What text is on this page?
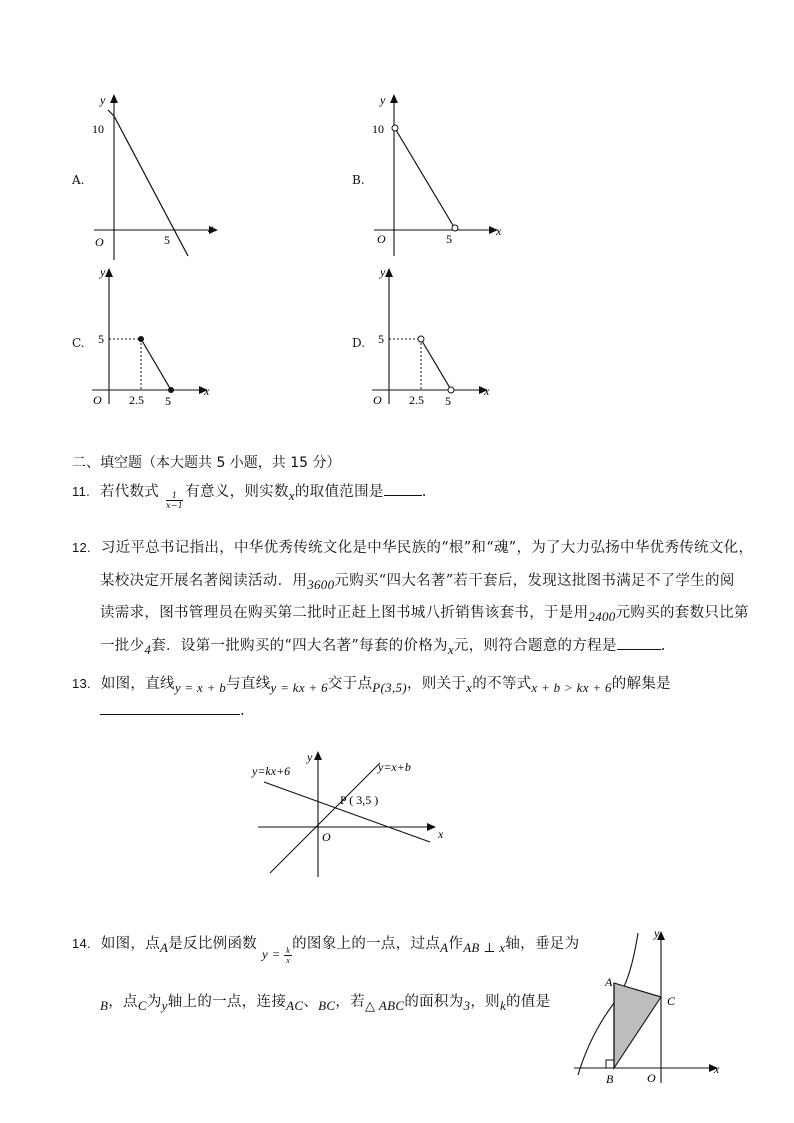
A.
y
x
O
10
5
B.
y
x
O
10
5
C.
y
x
O
5
2.5 5
D.
y
x
O
5
2.5 5
二、填空题（本大题共 5 小题，共 15 分）
11. 若代数式 $\frac{1}{x-1}$ 有意义，则实数x的取值范围是	.
12. 习近平总书记指出，中华优秀传统文化是中华民族的“根”和“魂”，为了大力弘扬中华优秀传统文化，
某校决定开展名著阅读活动．用3600元购买“四大名著”若干套后，发现这批图书满足不了学生的阅
读需求，图书管理员在购买第二批时正赶上图书城八折销售该套书，于是用2400元购买的套数只比第
一批少4套．设第一批购买的“四大名著”每套的价格为x元，则符合题意的方程是	.
13. 如图，直线y = x + b与直线y = kx + 6交于点P(3,5)，则关于x的不等式x + b > kx + 6的解集是
.
y=kx+6	y=x+b
P ( 3,5 )
O	x
y
14. 如图，点A是反比例函数 $y = \frac{k}{x}$
的图象上的一点，过点A作AB ⊥ x轴，垂足为
B，点C为y轴上的一点，连接AC、BC，若△ ABC的面积为3，则k的值是
y
x
A
B
C
O
